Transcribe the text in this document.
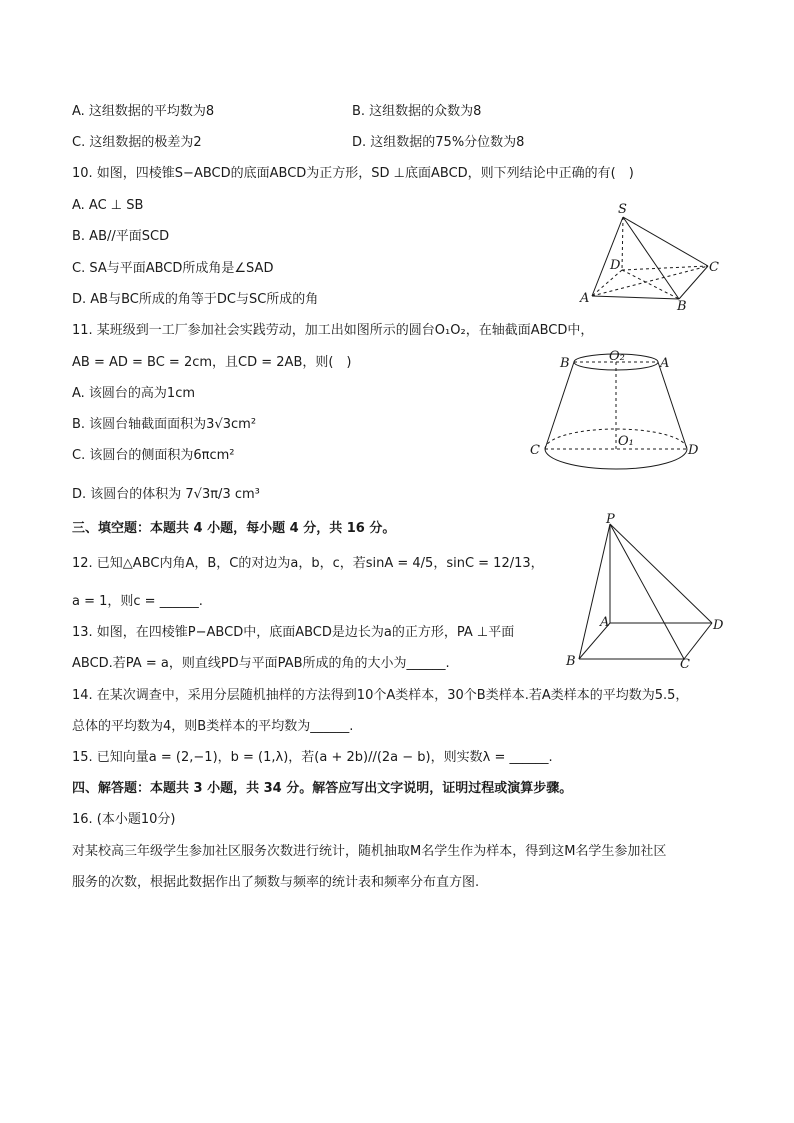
A. 这组数据的平均数为8	B. 这组数据的众数为8
C. 这组数据的极差为2	D. 这组数据的75%分位数为8
10. 如图，四棱锥S−ABCD的底面ABCD为正方形，SD ⊥底面ABCD，则下列结论中正确的有(　)
A. AC ⊥ SB
B. AB//平面SCD
C. SA与平面ABCD所成角是∠SAD
D. AB与BC所成的角等于DC与SC所成的角
S
A
B
C
D
11. 某班级到一工厂参加社会实践劳动，加工出如图所示的圆台O₁O₂，在轴截面ABCD中，
AB = AD = BC = 2cm，且CD = 2AB，则(　)
A. 该圆台的高为1cm
B. 该圆台轴截面面积为3√3cm²
C. 该圆台的侧面积为6πcm²
D. 该圆台的体积为 7√3π/3 cm³
B	A
C	D
O₂
O₁
三、填空题：本题共 4 小题，每小题 4 分，共 16 分。
12. 已知△ABC内角A，B，C的对边为a，b，c，若sinA = 4/5，sinC = 12/13，
a = 1，则c = ______.
13. 如图，在四棱锥P−ABCD中，底面ABCD是边长为a的正方形，PA ⊥平面
ABCD.若PA = a，则直线PD与平面PAB所成的角的大小为______.
P
A
B	C
D
14. 在某次调查中，采用分层随机抽样的方法得到10个A类样本，30个B类样本.若A类样本的平均数为5.5，
总体的平均数为4，则B类样本的平均数为______.
15. 已知向量a = (2,−1)，b = (1,λ)，若(a + 2b)//(2a − b)，则实数λ = ______.
四、解答题：本题共 3 小题，共 34 分。解答应写出文字说明，证明过程或演算步骤。
16. (本小题10分)
对某校高三年级学生参加社区服务次数进行统计，随机抽取M名学生作为样本，得到这M名学生参加社区
服务的次数，根据此数据作出了频数与频率的统计表和频率分布直方图.
